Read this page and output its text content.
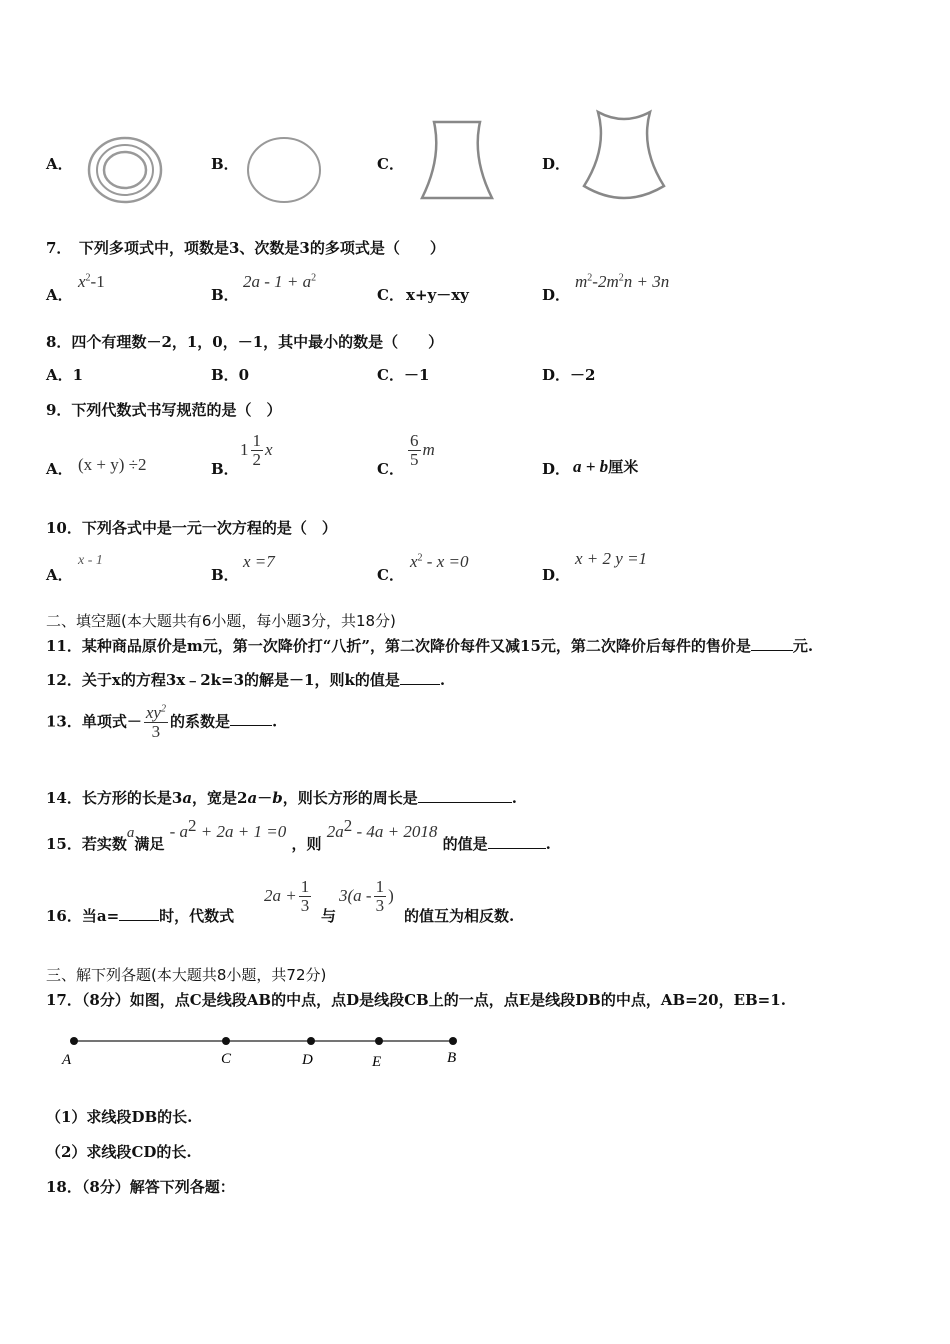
A．	B．	C．	D．
7．　下列多项式中，项数是3、次数是3的多项式是（　　）
A．
$x^2-1$
B．
$2a - 1 + a^2$
C． x+y－xy	D．
$m^2-2m^2n + 3n$
8．四个有理数－2，1，0，－1，其中最小的数是（　　）
A．1	B．0	C．－1	D．－2
9．下列代数式书写规范的是（　）
A． (x + y) ÷2	B．
$1 \frac{1}{2}$ x
C．
$\frac{6}{5}$ m
D． a + b厘米
10．下列各式中是一元一次方程的是（　）
A．
x - 1
B．
x =7
C．
$x^2 - x =0$
D．
x + 2 y =1
二、填空题(本大题共有6小题，每小题3分，共18分)
11．某种商品原价是m元，第一次降价打“八折”，第二次降价每件又减15元，第二次降价后每件的售价是	元.
12．关于x的方程3x﹣2k=3的解是－1，则k的值是	.
13．单项式－ $\frac{xy^2}{3}$ 的系数是	.
14．长方形的长是3a，宽是2a－b，则长方形的周长是	.
15．若实数a满足 - $a^2 + 2a + 1 =0$ ，则 $2a^2 - 4a + 2018$ 的值是	.
16．当a=	时，代数式
$2a + \frac{1}{3}$
与
$3(a - \frac{1}{3}$ )
的值互为相反数.
三、解下列各题(本大题共8小题，共72分)
17．（8分）如图，点C是线段AB的中点，点D是线段CB上的一点，点E是线段DB的中点，AB=20，EB=1.
A	C	D	E	B
（1）求线段DB的长.
（2）求线段CD的长.
18．（8分）解答下列各题：
